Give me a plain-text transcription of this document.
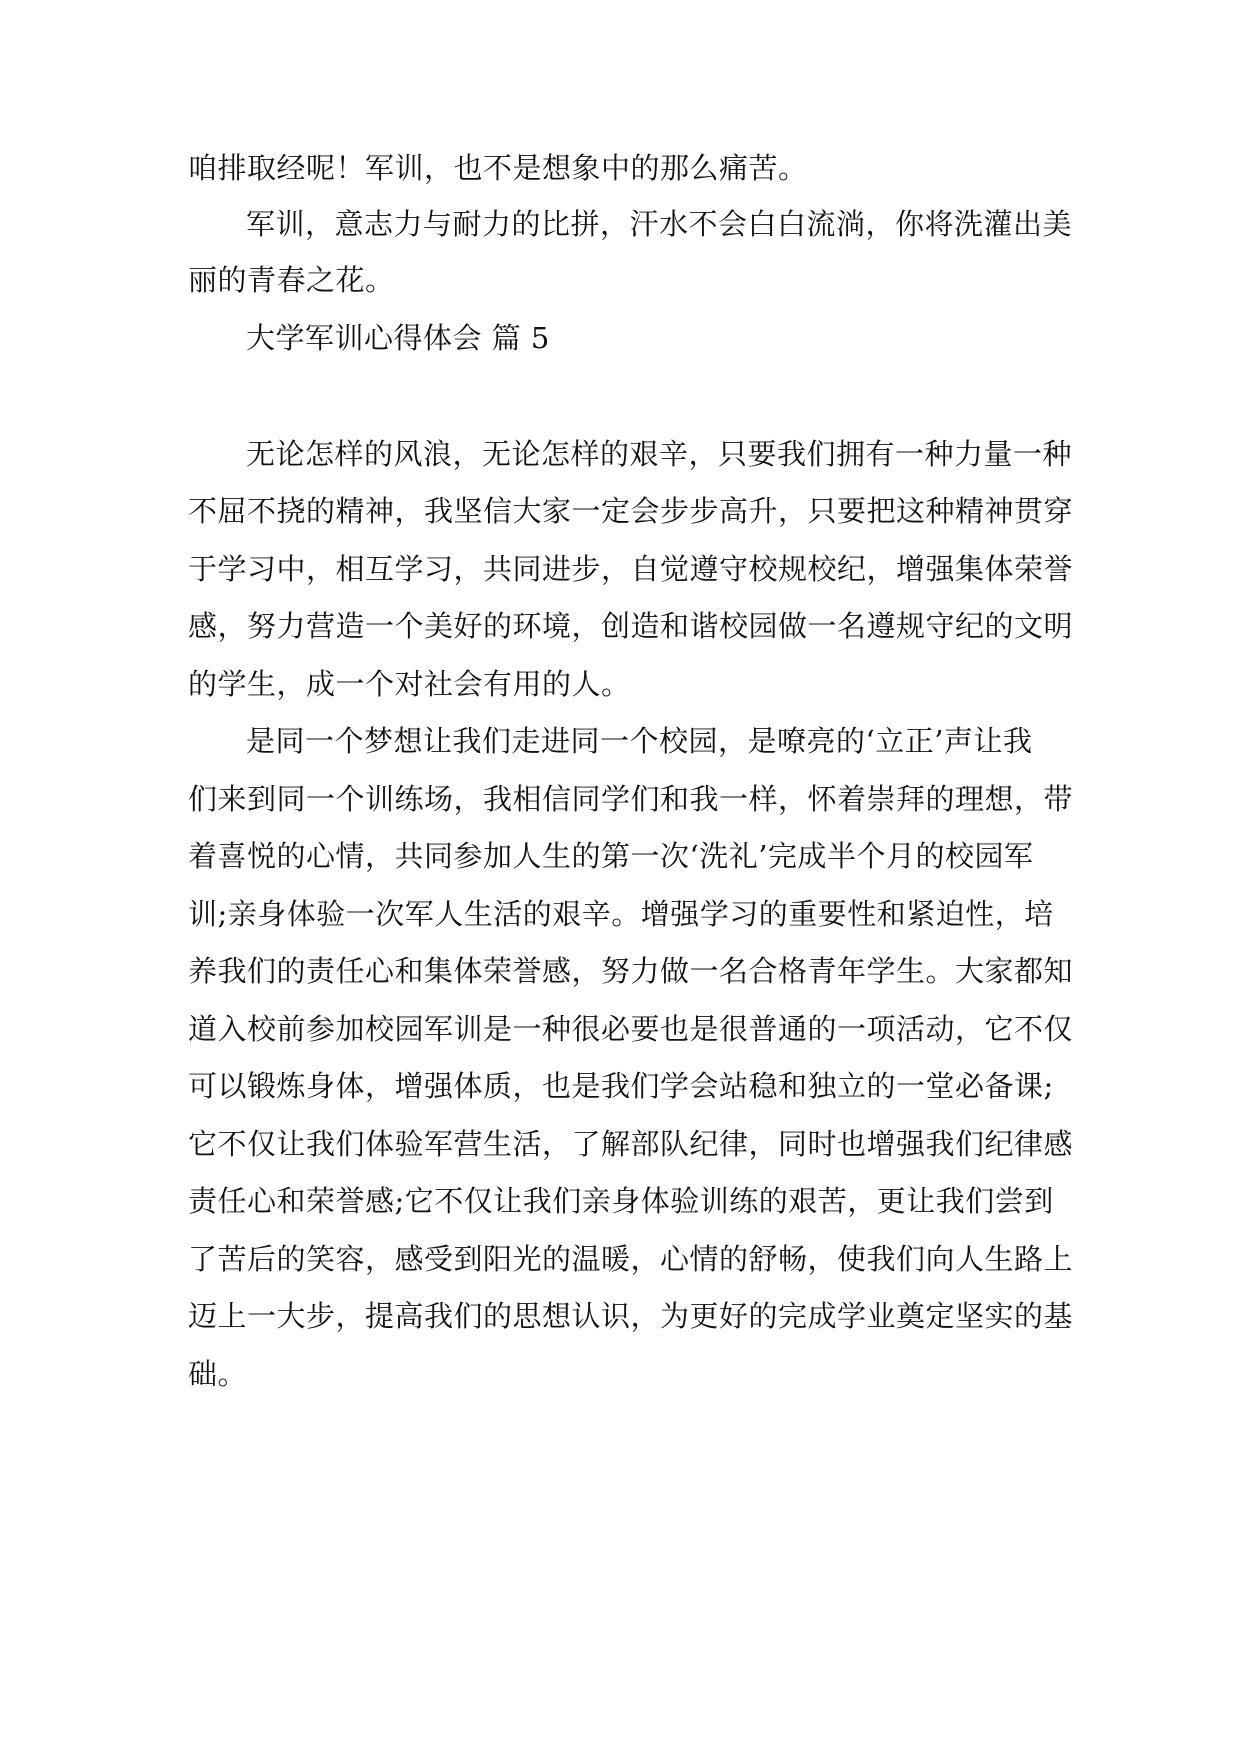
咱排取经呢！军训，也不是想象中的那么痛苦。
军训，意志力与耐力的比拼，汗水不会白白流淌，你将洗灌出美
丽的青春之花。
大学军训心得体会 篇 5
无论怎样的风浪，无论怎样的艰辛，只要我们拥有一种力量一种
不屈不挠的精神，我坚信大家一定会步步高升，只要把这种精神贯穿
于学习中，相互学习，共同进步，自觉遵守校规校纪，增强集体荣誉
感，努力营造一个美好的环境，创造和谐校园做一名遵规守纪的文明
的学生，成一个对社会有用的人。
是同一个梦想让我们走进同一个校园，是嘹亮的‘立正’声让我
们来到同一个训练场，我相信同学们和我一样，怀着崇拜的理想，带
着喜悦的心情，共同参加人生的第一次‘洗礼’完成半个月的校园军
训;亲身体验一次军人生活的艰辛。增强学习的重要性和紧迫性，培
养我们的责任心和集体荣誉感，努力做一名合格青年学生。大家都知
道入校前参加校园军训是一种很必要也是很普通的一项活动，它不仅
可以锻炼身体，增强体质，也是我们学会站稳和独立的一堂必备课;
它不仅让我们体验军营生活，了解部队纪律，同时也增强我们纪律感
责任心和荣誉感;它不仅让我们亲身体验训练的艰苦，更让我们尝到
了苦后的笑容，感受到阳光的温暖，心情的舒畅，使我们向人生路上
迈上一大步，提高我们的思想认识，为更好的完成学业奠定坚实的基
础。
